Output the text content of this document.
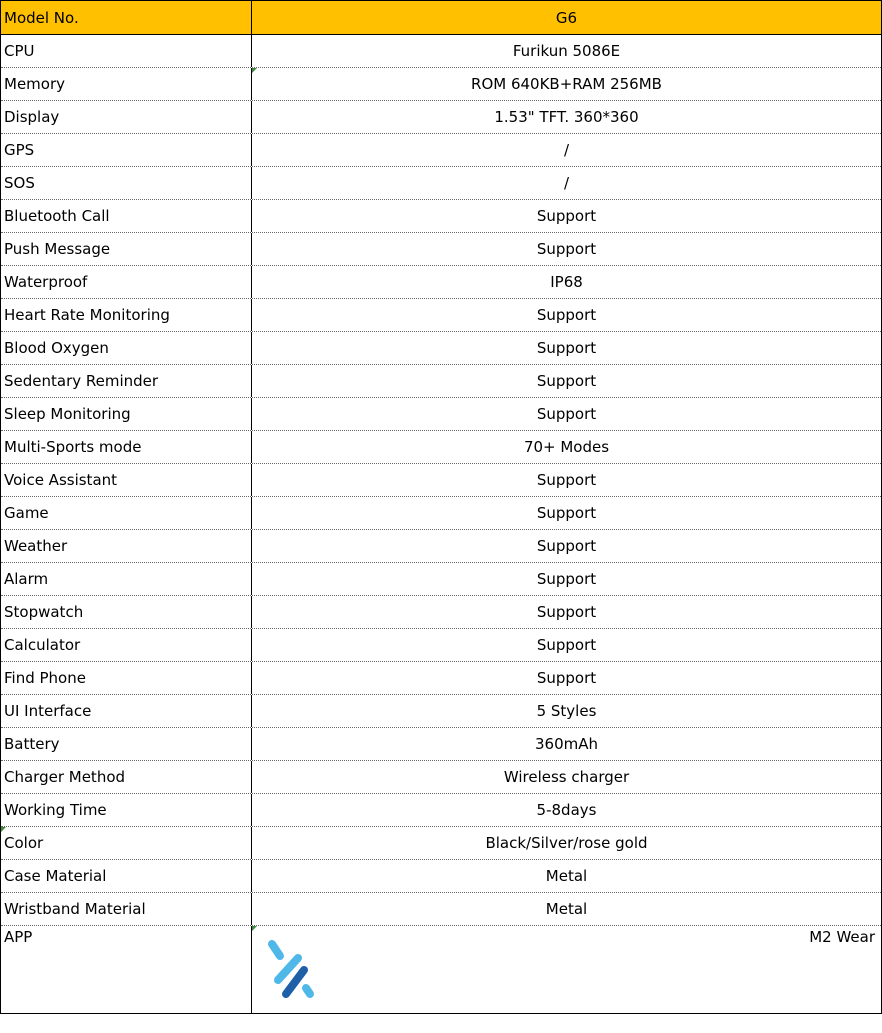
Model No.	G6
CPU	Furikun 5086E
Memory	ROM 640KB+RAM 256MB
Display	1.53" TFT. 360*360
GPS	/
SOS	/
Bluetooth Call	Support
Push Message	Support
Waterproof	IP68
Heart Rate Monitoring	Support
Blood Oxygen	Support
Sedentary Reminder	Support
Sleep Monitoring	Support
Multi-Sports mode	70+ Modes
Voice Assistant	Support
Game	Support
Weather	Support
Alarm	Support
Stopwatch	Support
Calculator	Support
Find Phone	Support
UI Interface	5 Styles
Battery	360mAh
Charger Method	Wireless charger
Working Time	5-8days
Color	Black/Silver/rose gold
Case Material	Metal
Wristband Material	Metal
APP	M2 Wear
